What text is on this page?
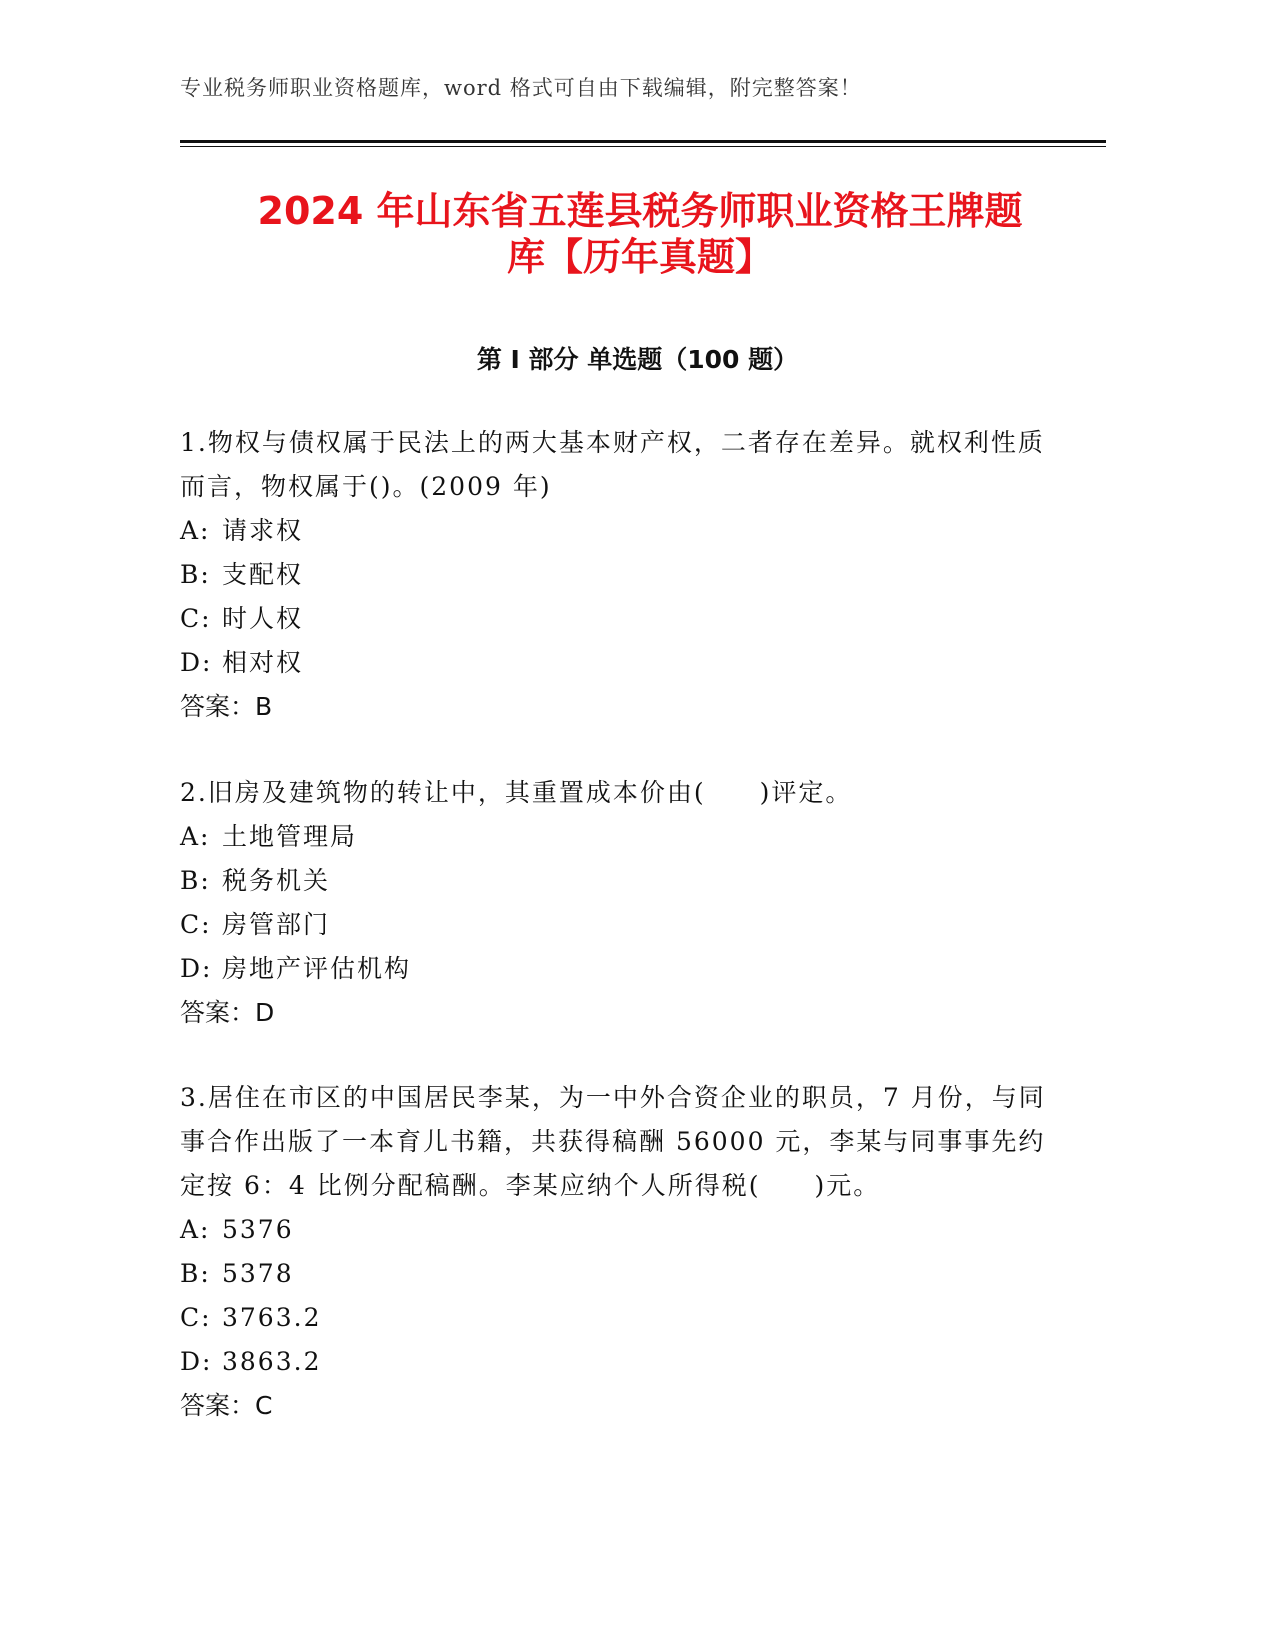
专业税务师职业资格题库，word 格式可自由下载编辑，附完整答案！
2024 年山东省五莲县税务师职业资格王牌题
库【历年真题】
第 I 部分 单选题（100 题）

1.物权与债权属于民法上的两大基本财产权，二者存在差异。就权利性质而言，物权属于()。(2009 年)

A: 请求权

B: 支配权

C: 时人权

D: 相对权

答案：B

2.旧房及建筑物的转让中，其重置成本价由(　　)评定。

A: 土地管理局

B: 税务机关

C: 房管部门

D: 房地产评估机构

答案：D

3.居住在市区的中国居民李某，为一中外合资企业的职员，7 月份，与同事合作出版了一本育儿书籍，共获得稿酬 56000 元，李某与同事事先约定按 6：4 比例分配稿酬。李某应纳个人所得税(　　)元。

A: 5376

B: 5378

C: 3763.2

D: 3863.2

答案：C
